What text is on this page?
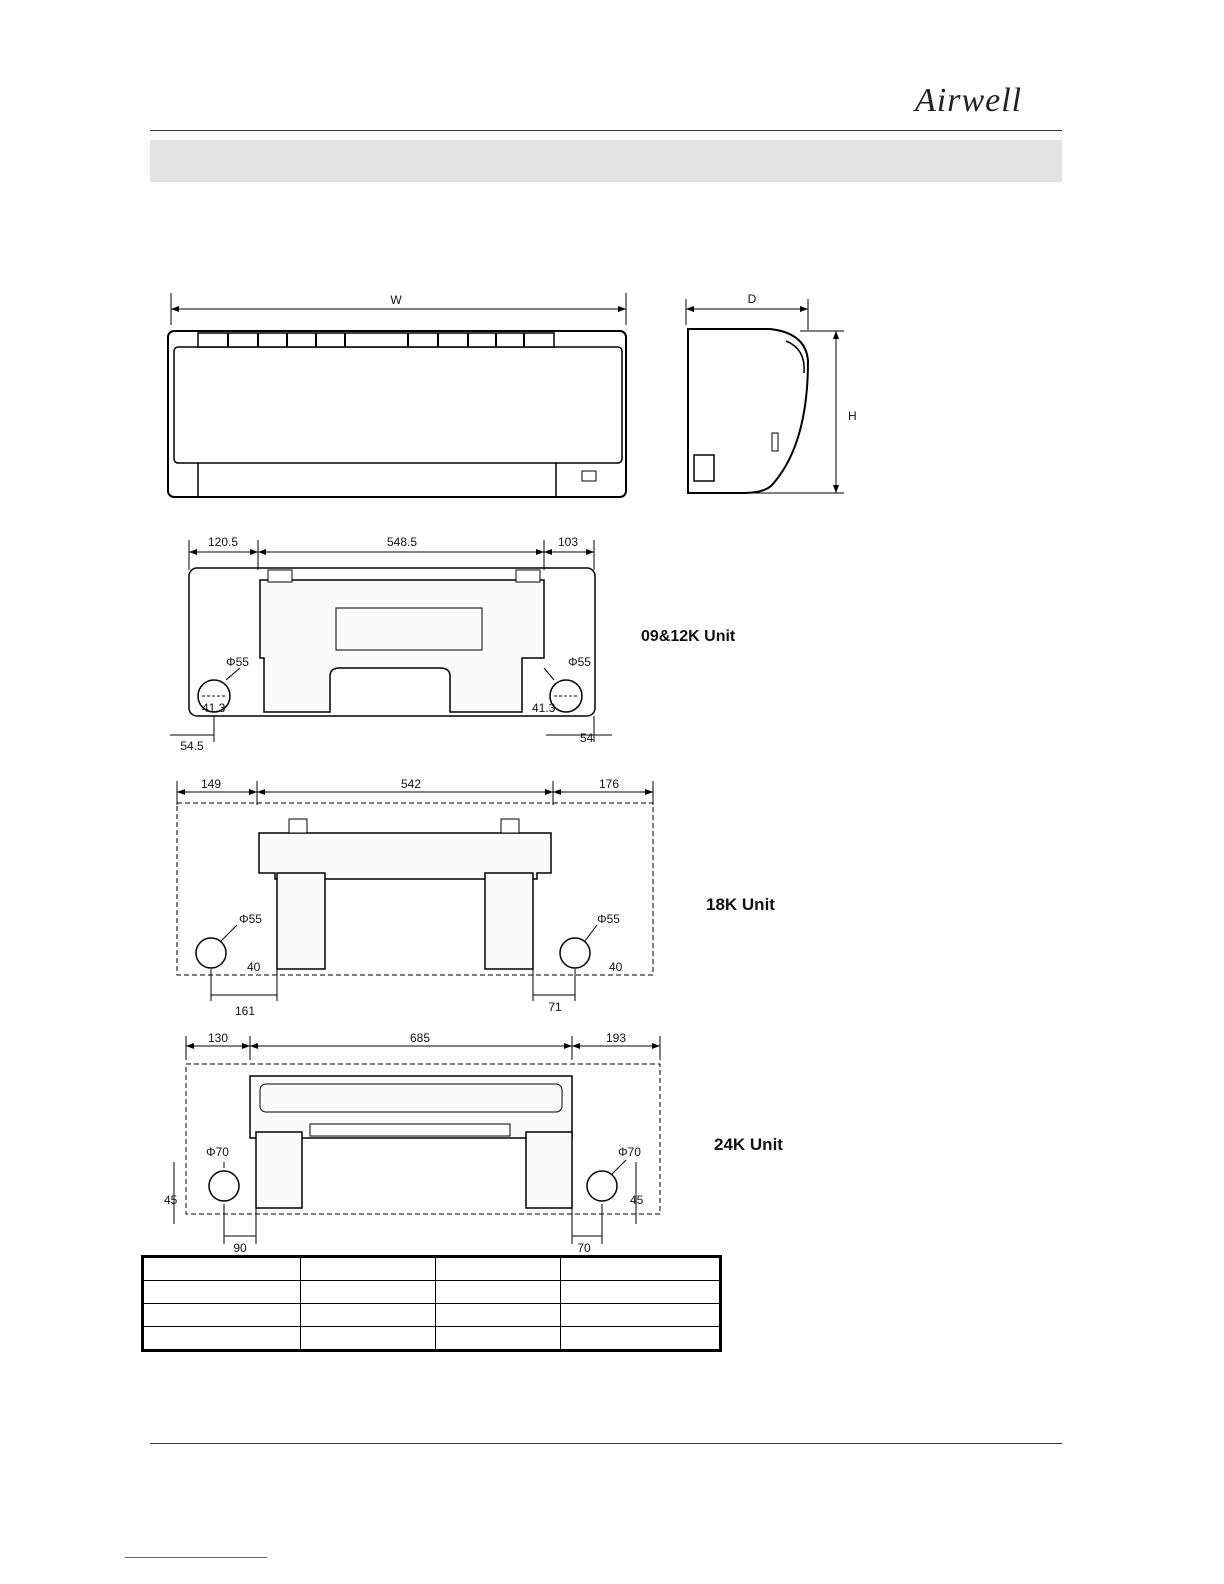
Airwell
W	D
H
120.5	548.5	103
Φ55	Φ55
41.3	41.3
54.5
54
09&12K Unit
149	542	176
Φ55	Φ55
40	40
161	71
18K Unit
130	685	193
Φ70	Φ70
45	45
90	70
24K Unit
